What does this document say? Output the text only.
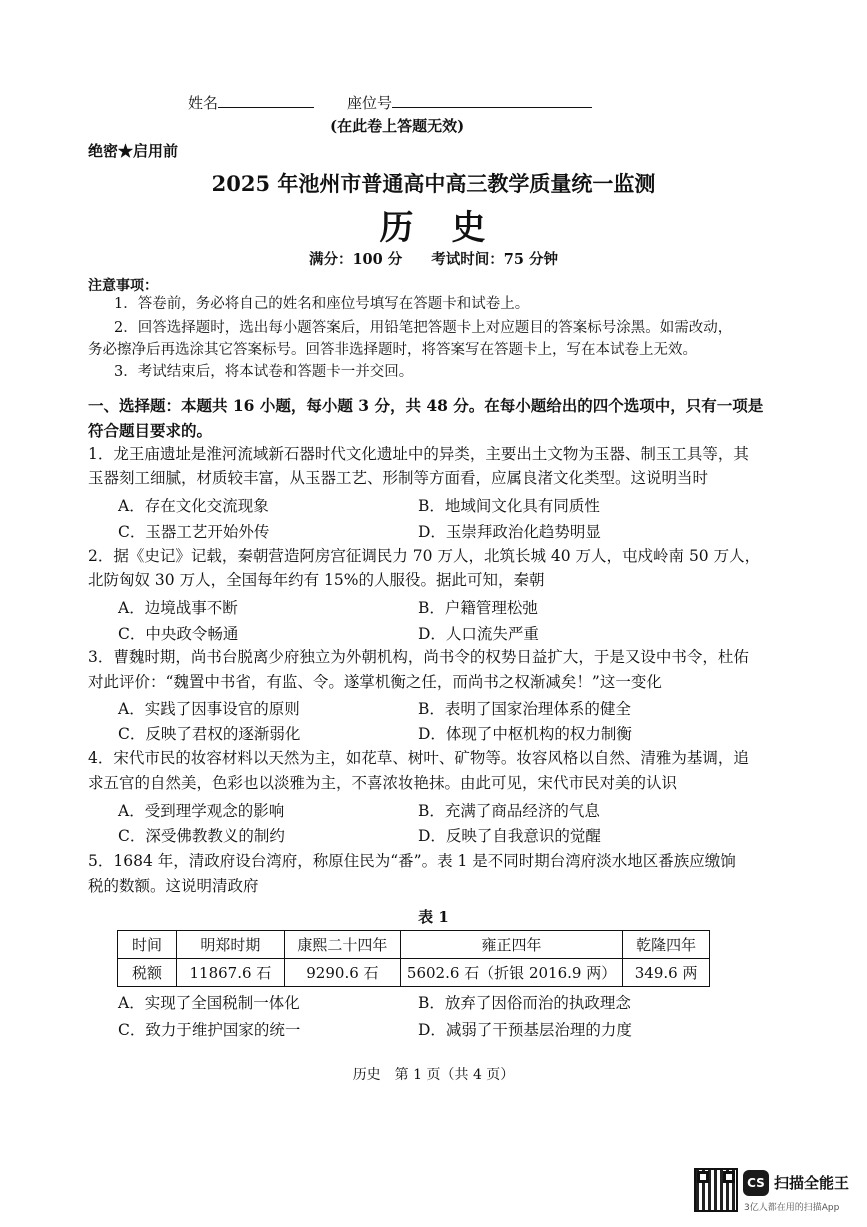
姓名	座位号
(在此卷上答题无效)
绝密★启用前
2025 年池州市普通高中高三教学质量统一监测
历　史
满分：100 分　　考试时间：75 分钟
注意事项：
1．答卷前，务必将自己的姓名和座位号填写在答题卡和试卷上。
2．回答选择题时，选出每小题答案后，用铅笔把答题卡上对应题目的答案标号涂黑。如需改动，
务必擦净后再选涂其它答案标号。回答非选择题时，将答案写在答题卡上，写在本试卷上无效。
3．考试结束后，将本试卷和答题卡一并交回。
一、选择题：本题共 16 小题，每小题 3 分，共 48 分。在每小题给出的四个选项中，只有一项是
符合题目要求的。
1．龙王庙遗址是淮河流域新石器时代文化遗址中的异类，主要出土文物为玉器、制玉工具等，其
玉器刻工细腻，材质较丰富，从玉器工艺、形制等方面看，应属良渚文化类型。这说明当时
A．存在文化交流现象	B．地域间文化具有同质性
C．玉器工艺开始外传	D．玉崇拜政治化趋势明显
2．据《史记》记载，秦朝营造阿房宫征调民力 70 万人，北筑长城 40 万人，屯戍岭南 50 万人，
北防匈奴 30 万人，全国每年约有 15%的人服役。据此可知，秦朝
A．边境战事不断	B．户籍管理松弛
C．中央政令畅通	D．人口流失严重
3．曹魏时期，尚书台脱离少府独立为外朝机构，尚书令的权势日益扩大，于是又设中书令，杜佑
对此评价：“魏置中书省，有监、令。遂掌机衡之任，而尚书之权渐减矣！”这一变化
A．实践了因事设官的原则	B．表明了国家治理体系的健全
C．反映了君权的逐渐弱化	D．体现了中枢机构的权力制衡
4．宋代市民的妆容材料以天然为主，如花草、树叶、矿物等。妆容风格以自然、清雅为基调，追
求五官的自然美，色彩也以淡雅为主，不喜浓妆艳抹。由此可见，宋代市民对美的认识
A．受到理学观念的影响	B．充满了商品经济的气息
C．深受佛教教义的制约	D．反映了自我意识的觉醒
5．1684 年，清政府设台湾府，称原住民为“番”。表 1 是不同时期台湾府淡水地区番族应缴饷
税的数额。这说明清政府
表 1
时间	明郑时期	康熙二十四年	雍正四年	乾隆四年
税额	11867.6 石	9290.6 石	5602.6 石（折银 2016.9 两）	349.6 两
A．实现了全国税制一体化	B．放弃了因俗而治的执政理念
C．致力于维护国家的统一	D．减弱了干预基层治理的力度
历史　第 1 页（共 4 页）
CS 扫描全能王
3亿人都在用的扫描App
